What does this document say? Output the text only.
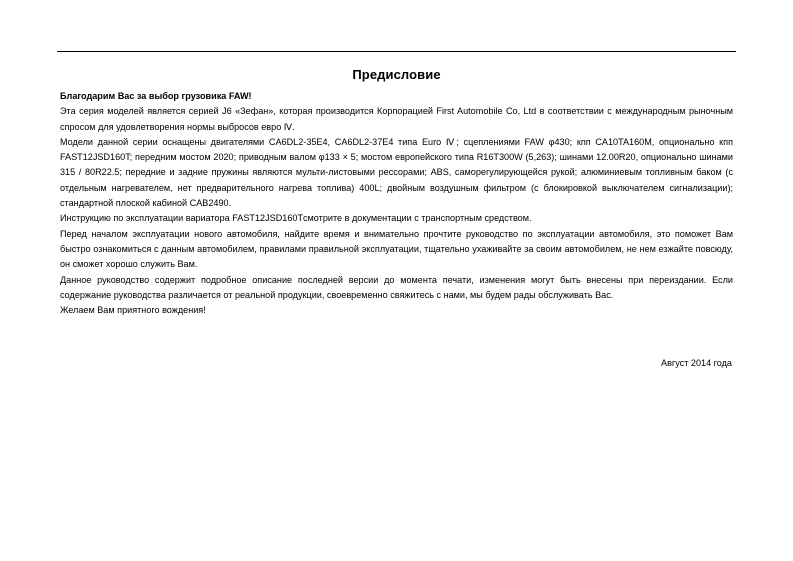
Предисловие

Благодарим Вас за выбор грузовика FAW!

Эта серия моделей является серией J6 «Зефан», которая производится Корпорацией First Automobile Co, Ltd в соответствии с международным рыночным спросом для удовлетворения нормы выбросов евро Ⅳ.

Модели данной серии оснащены двигателями CA6DL2-35E4, CA6DL2-37E4 типа Euro Ⅳ; сцеплениями FAW φ430; кпп CA10TA160M, опционально кпп FAST12JSD160T; передним мостом 2020; приводным валом φ133 × 5; мостом европейского типа R16T300W (5,263); шинами 12.00R20, опционально шинами 315 / 80R22.5; передние и задние пружины являются мульти-листовыми рессорами; ABS, саморегулирующейся рукой; алюминиевым топливным баком (с отдельным нагревателем, нет предварительного нагрева топлива) 400L; двойным воздушным фильтром (с блокировкой выключателем сигнализации); стандартной плоской кабиной CAB2490.

Инструкцию по эксплуатации вариатора FAST12JSD160Tсмотрите в документации с транспортным средством.

Перед началом эксплуатации нового автомобиля, найдите время и внимательно прочтите руководство по эксплуатации автомобиля, это поможет Вам быстро ознакомиться с данным автомобилем, правилами правильной эксплуатации, тщательно ухаживайте за своим автомобилем, не нем езжайте повсюду, он сможет хорошо служить Вам.

Данное руководство содержит подробное описание последней версии до момента печати, изменения могут быть внесены при переиздании. Если содержание руководства различается от реальной продукции, своевременно свяжитесь с нами, мы будем рады обслуживать Вас.

Желаем Вам приятного вождения!

Август 2014 года
